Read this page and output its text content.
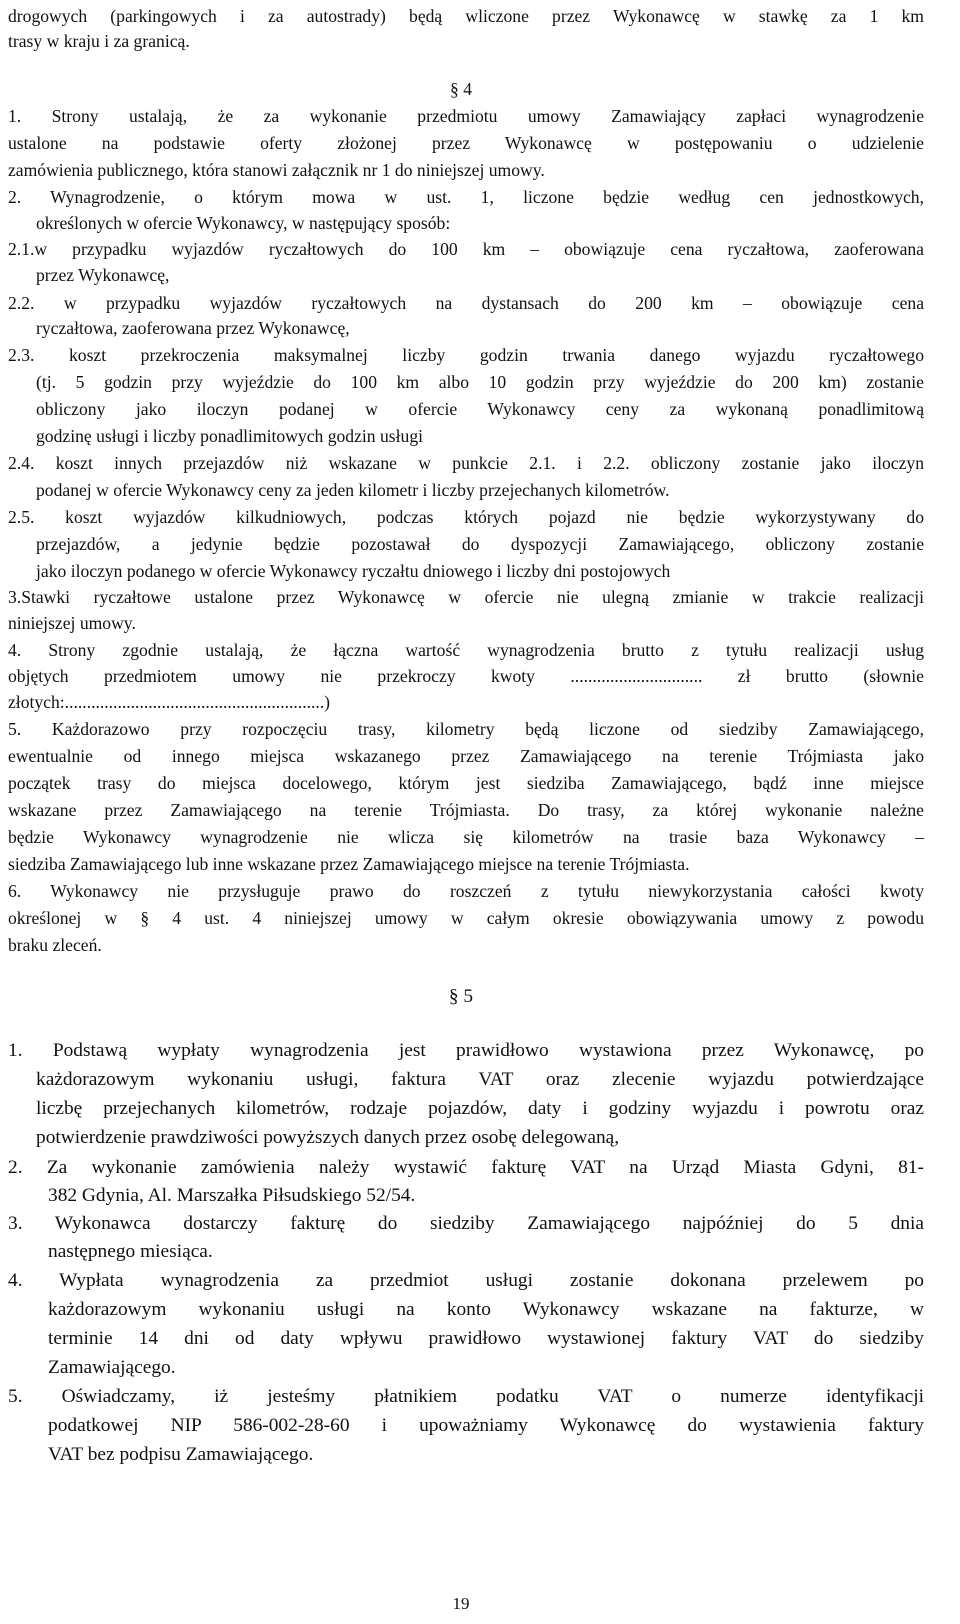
drogowych (parkingowych i za autostrady) będą wliczone przez Wykonawcę w stawkę za 1 km
trasy w kraju i za granicą.
§ 4
1. Strony ustalają, że za wykonanie przedmiotu umowy Zamawiający zapłaci wynagrodzenie
ustalone na podstawie oferty złożonej przez Wykonawcę w postępowaniu o udzielenie
zamówienia publicznego, która stanowi załącznik nr 1 do niniejszej umowy.
2. Wynagrodzenie, o którym mowa w ust. 1, liczone będzie według cen jednostkowych,
określonych w ofercie Wykonawcy, w następujący sposób:
2.1.w przypadku wyjazdów ryczałtowych do 100 km – obowiązuje cena ryczałtowa, zaoferowana
przez Wykonawcę,
2.2. w przypadku wyjazdów ryczałtowych na dystansach do 200 km – obowiązuje cena
ryczałtowa, zaoferowana przez Wykonawcę,
2.3. koszt przekroczenia maksymalnej liczby godzin trwania danego wyjazdu ryczałtowego
(tj. 5 godzin przy wyjeździe do 100 km albo 10 godzin przy wyjeździe do 200 km) zostanie
obliczony jako iloczyn podanej w ofercie Wykonawcy ceny za wykonaną ponadlimitową
godzinę usługi i liczby ponadlimitowych godzin usługi
2.4. koszt innych przejazdów niż wskazane w punkcie 2.1. i 2.2. obliczony zostanie jako iloczyn
podanej w ofercie Wykonawcy ceny za jeden kilometr i liczby przejechanych kilometrów.
2.5. koszt wyjazdów kilkudniowych, podczas których pojazd nie będzie wykorzystywany do
przejazdów, a jedynie będzie pozostawał do dyspozycji Zamawiającego, obliczony zostanie
jako iloczyn podanego w ofercie Wykonawcy ryczałtu dniowego i liczby dni postojowych
3.Stawki ryczałtowe ustalone przez Wykonawcę w ofercie nie ulegną zmianie w trakcie realizacji
niniejszej umowy.
4. Strony zgodnie ustalają, że łączna wartość wynagrodzenia brutto z tytułu realizacji usług
objętych przedmiotem umowy nie przekroczy kwoty .............................. zł brutto (słownie
złotych:...........................................................)
5. Każdorazowo przy rozpoczęciu trasy, kilometry będą liczone od siedziby Zamawiającego,
ewentualnie od innego miejsca wskazanego przez Zamawiającego na terenie Trójmiasta jako
początek trasy do miejsca docelowego, którym jest siedziba Zamawiającego, bądź inne miejsce
wskazane przez Zamawiającego na terenie Trójmiasta. Do trasy, za której wykonanie należne
będzie Wykonawcy wynagrodzenie nie wlicza się kilometrów na trasie baza Wykonawcy –
siedziba Zamawiającego lub inne wskazane przez Zamawiającego miejsce na terenie Trójmiasta.
6. Wykonawcy nie przysługuje prawo do roszczeń z tytułu niewykorzystania całości kwoty
określonej w § 4 ust. 4 niniejszej umowy w całym okresie obowiązywania umowy z powodu
braku zleceń.
§ 5
1. Podstawą wypłaty wynagrodzenia jest prawidłowo wystawiona przez Wykonawcę, po
każdorazowym wykonaniu usługi, faktura VAT oraz zlecenie wyjazdu potwierdzające
liczbę przejechanych kilometrów, rodzaje pojazdów, daty i godziny wyjazdu i powrotu oraz
potwierdzenie prawdziwości powyższych danych przez osobę delegowaną,
2. Za wykonanie zamówienia należy wystawić fakturę VAT na Urząd Miasta Gdyni, 81-
382 Gdynia, Al. Marszałka Piłsudskiego 52/54.
3. Wykonawca dostarczy fakturę do siedziby Zamawiającego najpóźniej do 5 dnia
następnego miesiąca.
4. Wypłata wynagrodzenia za przedmiot usługi zostanie dokonana przelewem po
każdorazowym wykonaniu usługi na konto Wykonawcy wskazane na fakturze, w
terminie 14 dni od daty wpływu prawidłowo wystawionej faktury VAT do siedziby
Zamawiającego.
5. Oświadczamy, iż jesteśmy płatnikiem podatku VAT o numerze identyfikacji
podatkowej NIP 586-002-28-60 i upoważniamy Wykonawcę do wystawienia faktury
VAT bez podpisu Zamawiającego.
19
